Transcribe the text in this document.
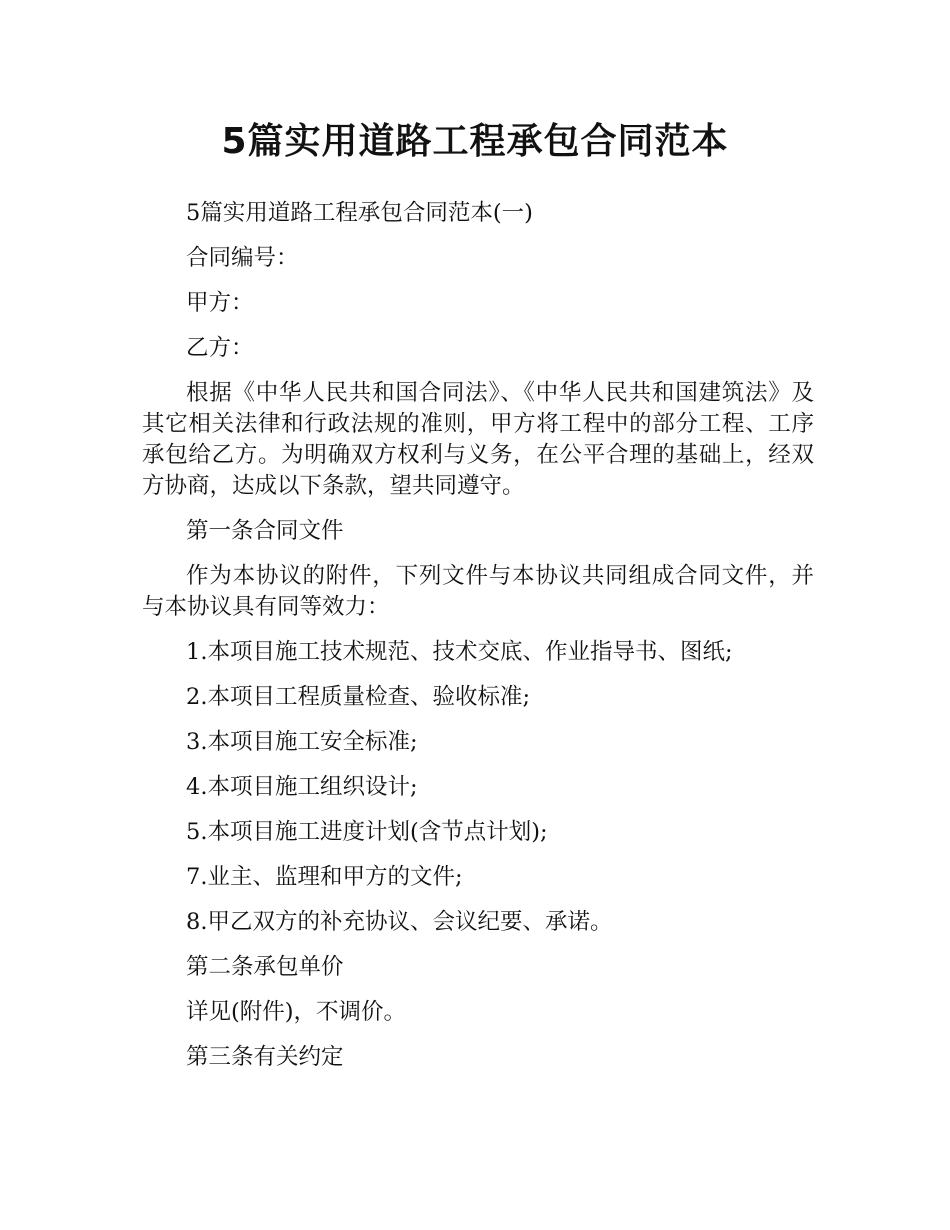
5篇实用道路工程承包合同范本

5篇实用道路工程承包合同范本(一)

合同编号：

甲方：

乙方：

根据《中华人民共和国合同法》、《中华人民共和国建筑法》及其它相关法律和行政法规的准则，甲方将工程中的部分工程、工序承包给乙方。为明确双方权利与义务，在公平合理的基础上，经双方协商，达成以下条款，望共同遵守。

第一条合同文件

作为本协议的附件，下列文件与本协议共同组成合同文件，并与本协议具有同等效力：

1.本项目施工技术规范、技术交底、作业指导书、图纸;

2.本项目工程质量检查、验收标准;

3.本项目施工安全标准;

4.本项目施工组织设计;

5.本项目施工进度计划(含节点计划);

7.业主、监理和甲方的文件;

8.甲乙双方的补充协议、会议纪要、承诺。

第二条承包单价

详见(附件)，不调价。

第三条有关约定
